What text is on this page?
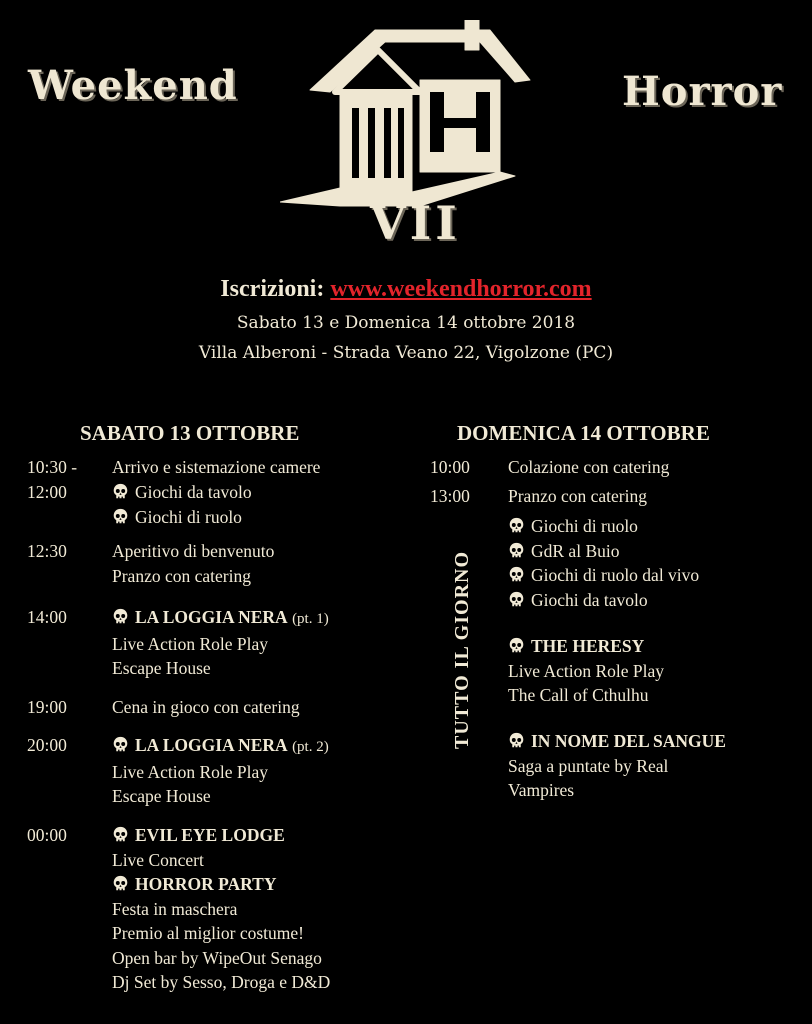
Weekend	Horror
VII
Iscrizioni: www.weekendhorror.com
Sabato 13 e Domenica 14 ottobre 2018
Villa Alberoni - Strada Veano 22, Vigolzone (PC)
SABATO 13 OTTOBRE	DOMENICA 14 OTTOBRE
10:30 - Arrivo e sistemazione camere
12:00	Giochi da tavolo
Giochi di ruolo
12:30	Aperitivo di benvenuto
Pranzo con catering
14:00	LA LOGGIA NERA (pt. 1)
Live Action Role Play
Escape House
19:00	Cena in gioco con catering
20:00	LA LOGGIA NERA (pt. 2)
Live Action Role Play
Escape House
00:00	EVIL EYE LODGE
Live Concert
HORROR PARTY
Festa in maschera
Premio al miglior costume!
Open bar by WipeOut Senago
Dj Set by Sesso, Droga e D&D
10:00 Colazione con catering
13:00 Pranzo con catering
TUTTO IL GIORNO
Giochi di ruolo
GdR al Buio
Giochi di ruolo dal vivo
Giochi da tavolo
THE HERESY
Live Action Role Play
The Call of Cthulhu
IN NOME DEL SANGUE
Saga a puntate by Real
Vampires
